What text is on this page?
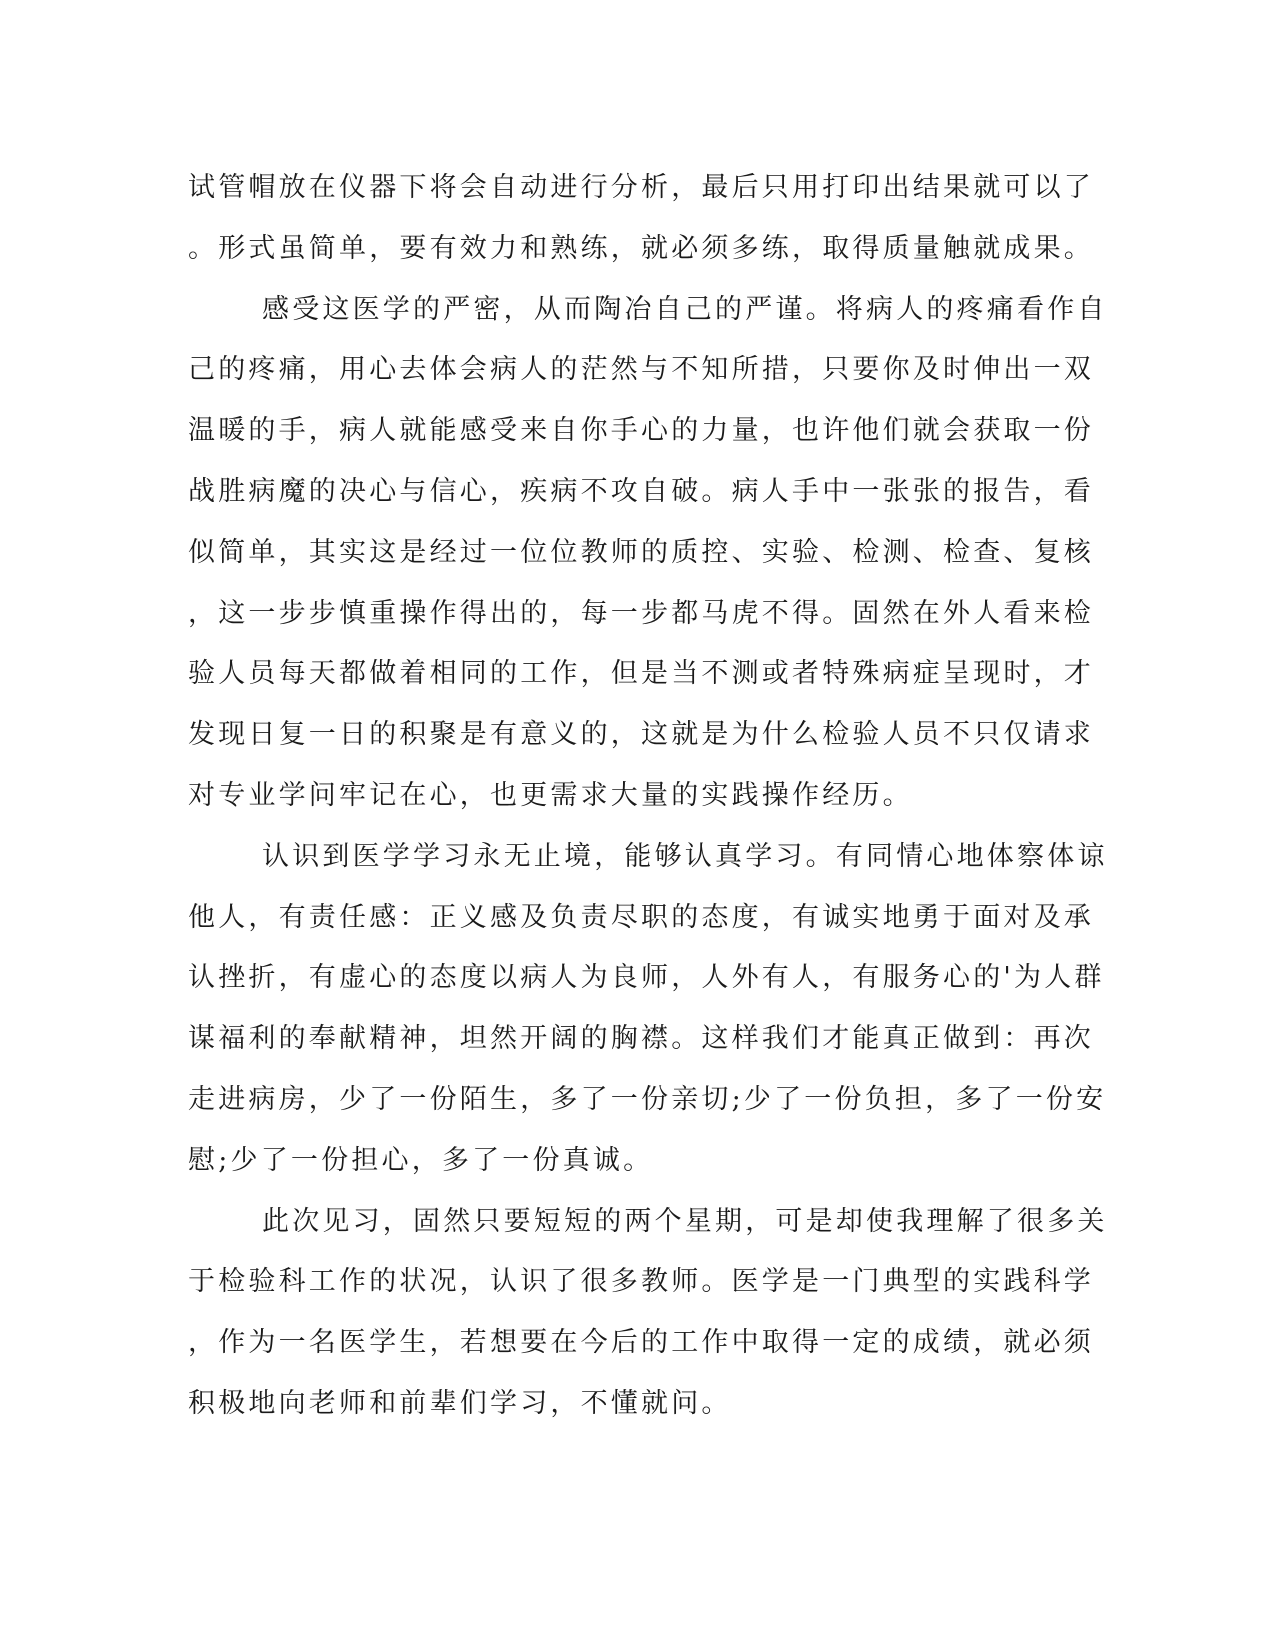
试管帽放在仪器下将会自动进行分析，最后只用打印出结果就可以了
。形式虽简单，要有效力和熟练，就必须多练，取得质量触就成果。
感受这医学的严密，从而陶冶自己的严谨。将病人的疼痛看作自
己的疼痛，用心去体会病人的茫然与不知所措，只要你及时伸出一双
温暖的手，病人就能感受来自你手心的力量，也许他们就会获取一份
战胜病魔的决心与信心，疾病不攻自破。病人手中一张张的报告，看
似简单，其实这是经过一位位教师的质控、实验、检测、检查、复核
，这一步步慎重操作得出的，每一步都马虎不得。固然在外人看来检
验人员每天都做着相同的工作，但是当不测或者特殊病症呈现时，才
发现日复一日的积聚是有意义的，这就是为什么检验人员不只仅请求
对专业学问牢记在心，也更需求大量的实践操作经历。
认识到医学学习永无止境，能够认真学习。有同情心地体察体谅
他人，有责任感：正义感及负责尽职的态度，有诚实地勇于面对及承
认挫折，有虚心的态度以病人为良师，人外有人，有服务心的'为人群
谋福利的奉献精神，坦然开阔的胸襟。这样我们才能真正做到：再次
走进病房，少了一份陌生，多了一份亲切;少了一份负担，多了一份安
慰;少了一份担心，多了一份真诚。
此次见习，固然只要短短的两个星期，可是却使我理解了很多关
于检验科工作的状况，认识了很多教师。医学是一门典型的实践科学
，作为一名医学生，若想要在今后的工作中取得一定的成绩，就必须
积极地向老师和前辈们学习，不懂就问。
